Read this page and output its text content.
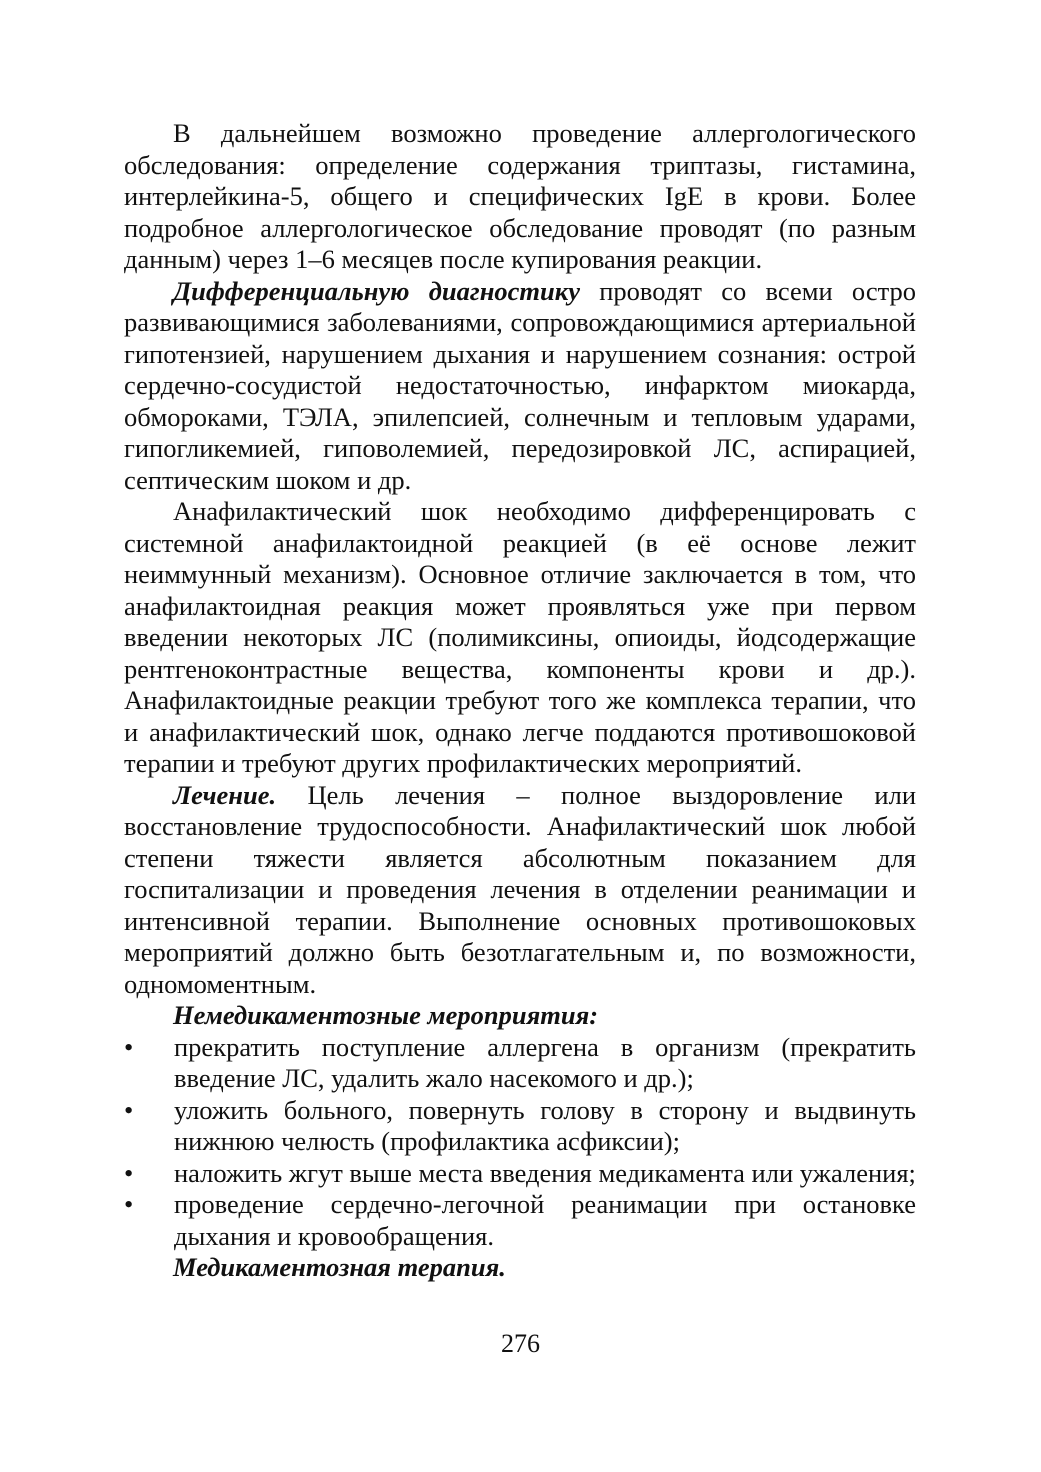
В дальнейшем возможно проведение аллергологического обследования: определение содержания триптазы, гистамина, интерлейкина-5, общего и специфических IgE в крови. Более подробное аллергологическое обследование проводят (по разным данным) через 1–6 месяцев после купирования реакции.

Дифференциальную диагностику проводят со всеми остро развивающимися заболеваниями, сопровождающимися артериальной гипотензией, нарушением дыхания и нарушением сознания: острой сердечно-сосудистой недостаточностью, инфарктом миокарда, обмороками, ТЭЛА, эпилепсией, солнечным и тепловым ударами, гипогликемией, гиповолемией, передозировкой ЛС, аспирацией, септическим шоком и др.

Анафилактический шок необходимо дифференцировать с системной анафилактоидной реакцией (в её основе лежит неиммунный механизм). Основное отличие заключается в том, что анафилактоидная реакция может проявляться уже при первом введении некоторых ЛС (полимиксины, опиоиды, йодсодержащие рентгеноконтрастные вещества, компоненты крови и др.). Анафилактоидные реакции требуют того же комплекса терапии, что и анафилактический шок, однако легче поддаются противошоковой терапии и требуют других профилактических мероприятий.

Лечение. Цель лечения – полное выздоровление или восстановление трудоспособности. Анафилактический шок любой степени тяжести является абсолютным показанием для госпитализации и проведения лечения в отделении реанимации и интенсивной терапии. Выполнение основных противошоковых мероприятий должно быть безотлагательным и, по возможности, одномоментным.

Немедикаментозные мероприятия:

•	прекратить поступление аллергена в организм (прекратить введение ЛС, удалить жало насекомого и др.);
•	уложить больного, повернуть голову в сторону и выдвинуть нижнюю челюсть (профилактика асфиксии);
•	наложить жгут выше места введения медикамента или ужаления;
•	проведение сердечно-легочной реанимации при остановке дыхания и кровообращения.

Медикаментозная терапия.

276
